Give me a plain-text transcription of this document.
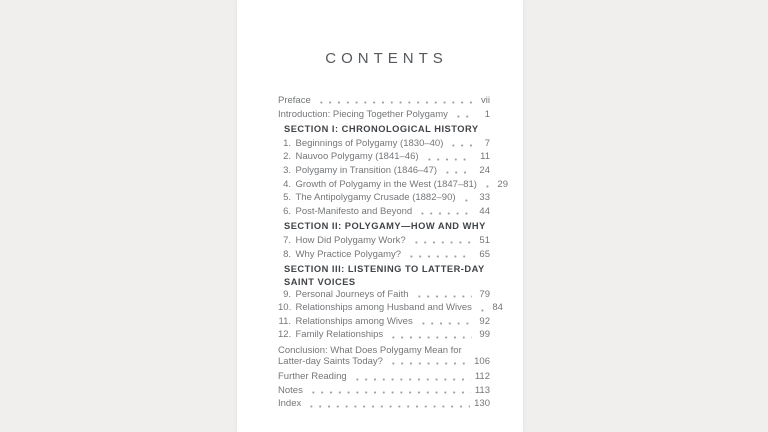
CONTENTS
Preface	vii
Introduction: Piecing Together Polygamy	1
SECTION I: CHRONOLOGICAL HISTORY
1. Beginnings of Polygamy (1830–40)	7
2. Nauvoo Polygamy (1841–46)	11
3. Polygamy in Transition (1846–47)	24
4. Growth of Polygamy in the West (1847–81)	29
5. The Antipolygamy Crusade (1882–90)	33
6. Post-Manifesto and Beyond	44
SECTION II: POLYGAMY—HOW AND WHY
7. How Did Polygamy Work?	51
8. Why Practice Polygamy?	65
SECTION III: LISTENING TO LATTER-DAY
SAINT VOICES
9. Personal Journeys of Faith	79
10. Relationships among Husband and Wives	84
11. Relationships among Wives	92
12. Family Relationships	99
Conclusion: What Does Polygamy Mean for
Latter-day Saints Today?	106
Further Reading	112
Notes	113
Index	130
